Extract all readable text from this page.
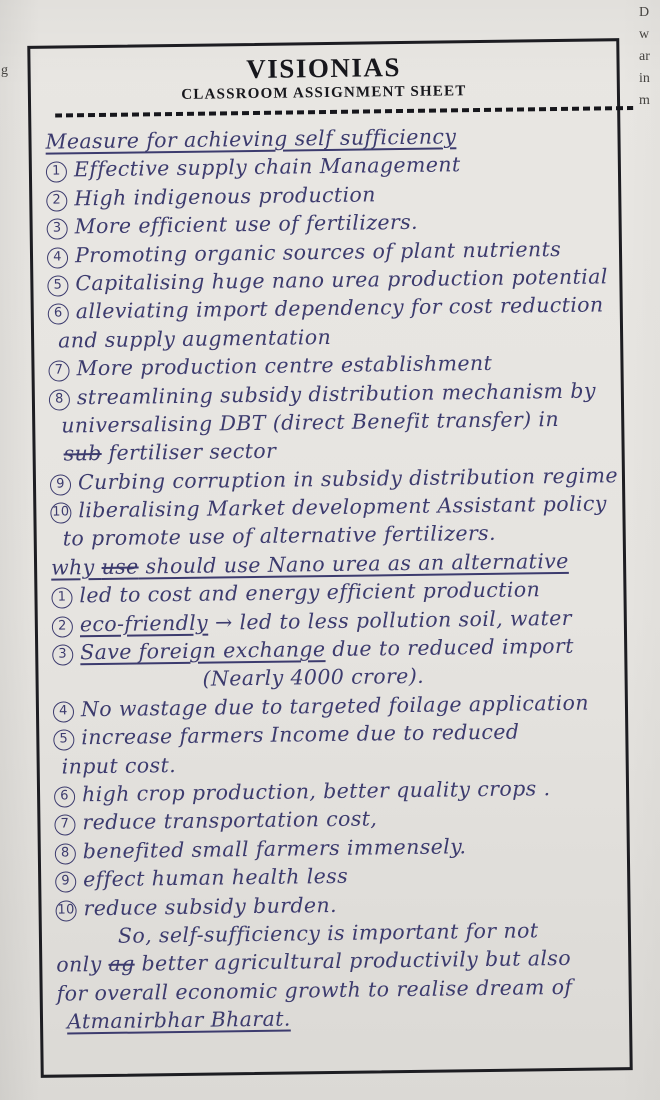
g
D
w
ar
in
m
VISIONIAS
CLASSROOM ASSIGNMENT SHEET
Measure for achieving self sufficiency
1 Effective supply chain Management
2 High indigenous production
3 More efficient use of fertilizers.
4 Promoting organic sources of plant nutrients
5 Capitalising huge nano urea production potential
6 alleviating import dependency for cost reduction
and supply augmentation
7 More production centre establishment
8 streamlining subsidy distribution mechanism by
universalising DBT (direct Benefit transfer) in
sub fertiliser sector
9 Curbing corruption in subsidy distribution regime
10 liberalising Market development Assistant policy
to promote use of alternative fertilizers.
why use should use Nano urea as an alternative
1 led to cost and energy efficient production
2 eco-friendly → led to less pollution soil, water
3 Save foreign exchange due to reduced import
(Nearly 4000 crore).
4 No wastage due to targeted foilage application
5 increase farmers Income due to reduced
input cost.
6 high crop production, better quality crops .
7 reduce transportation cost,
8 benefited small farmers immensely.
9 effect human health less
10 reduce subsidy burden.
So, self-sufficiency is important for not
only ag better agricultural productivily but also
for overall economic growth to realise dream of
Atmanirbhar Bharat.
